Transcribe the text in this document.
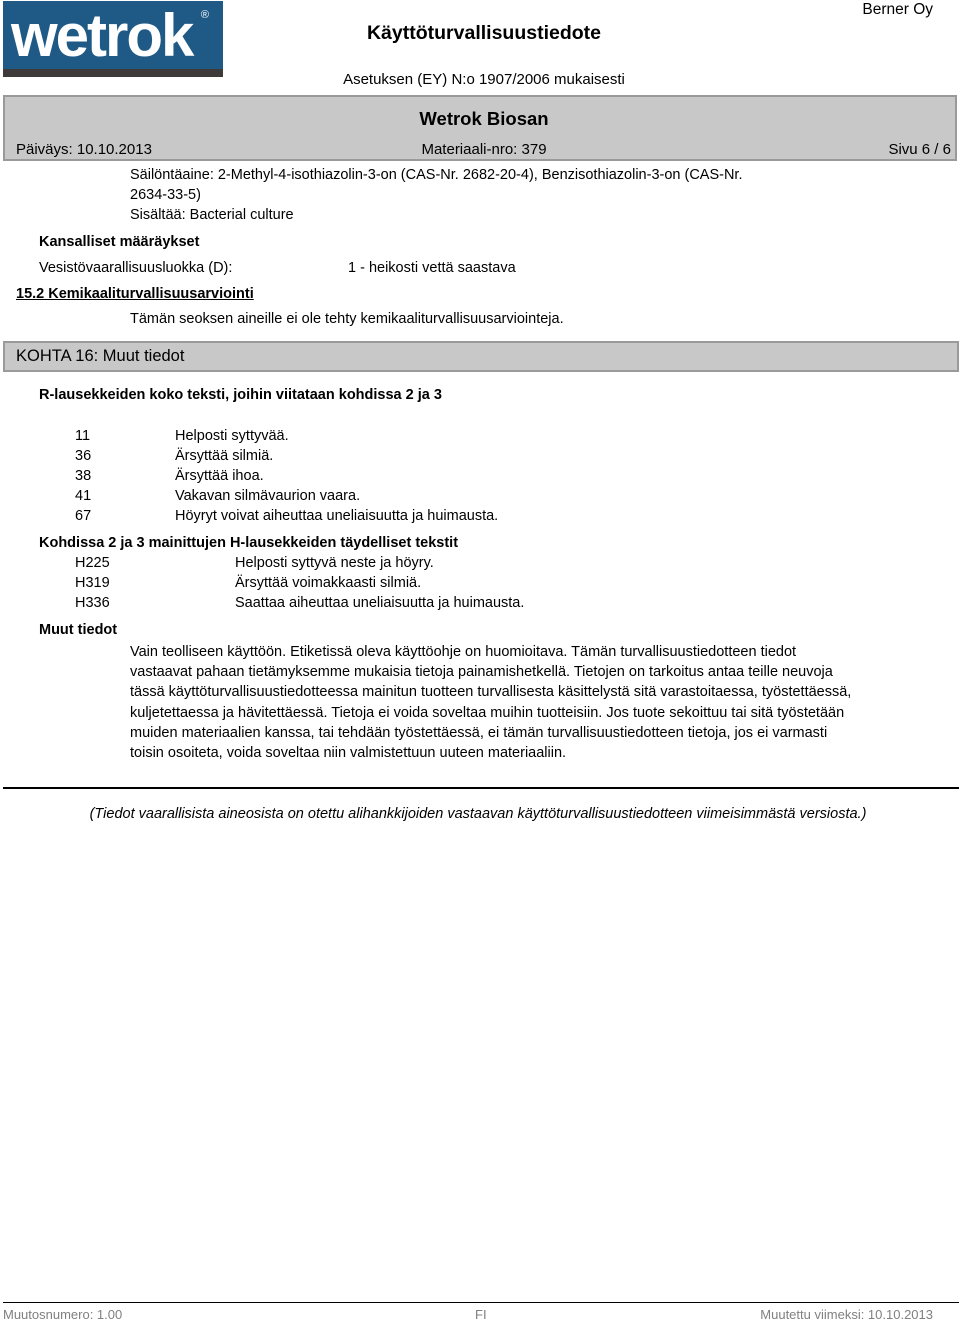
wetrok ®	Berner Oy
Käyttöturvallisuustiedote
Asetuksen (EY) N:o 1907/2006 mukaisesti
Wetrok Biosan
Päiväys: 10.10.2013	Materiaali-nro: 379	Sivu 6 / 6
Säilöntäaine: 2-Methyl-4-isothiazolin-3-on (CAS-Nr. 2682-20-4), Benzisothiazolin-3-on (CAS-Nr.
2634-33-5)
Sisältää: Bacterial culture
Kansalliset määräykset
Vesistövaarallisuusluokka (D):	1 - heikosti vettä saastava
15.2 Kemikaaliturvallisuusarviointi
Tämän seoksen aineille ei ole tehty kemikaaliturvallisuusarviointeja.
KOHTA 16: Muut tiedot
R-lausekkeiden koko teksti, joihin viitataan kohdissa 2 ja 3
11	Helposti syttyvää.
36	Ärsyttää silmiä.
38	Ärsyttää ihoa.
41	Vakavan silmävaurion vaara.
67	Höyryt voivat aiheuttaa uneliaisuutta ja huimausta.
Kohdissa 2 ja 3 mainittujen H-lausekkeiden täydelliset tekstit
H225	Helposti syttyvä neste ja höyry.
H319	Ärsyttää voimakkaasti silmiä.
H336	Saattaa aiheuttaa uneliaisuutta ja huimausta.
Muut tiedot
Vain teolliseen käyttöön. Etiketissä oleva käyttöohje on huomioitava. Tämän turvallisuustiedotteen tiedot vastaavat pahaan tietämyksemme mukaisia tietoja painamishetkellä. Tietojen on tarkoitus antaa teille neuvoja tässä käyttöturvallisuustiedotteessa mainitun tuotteen turvallisesta käsittelystä sitä varastoitaessa, työstettäessä, kuljetettaessa ja hävitettäessä. Tietoja ei voida soveltaa muihin tuotteisiin. Jos tuote sekoittuu tai sitä työstetään muiden materiaalien kanssa, tai tehdään työstettäessä, ei tämän turvallisuustiedotteen tietoja, jos ei varmasti toisin osoiteta, voida soveltaa niin valmistettuun uuteen materiaaliin.
(Tiedot vaarallisista aineosista on otettu alihankkijoiden vastaavan käyttöturvallisuustiedotteen viimeisimmästä versiosta.)
Muutosnumero: 1.00	FI	Muutettu viimeksi: 10.10.2013
